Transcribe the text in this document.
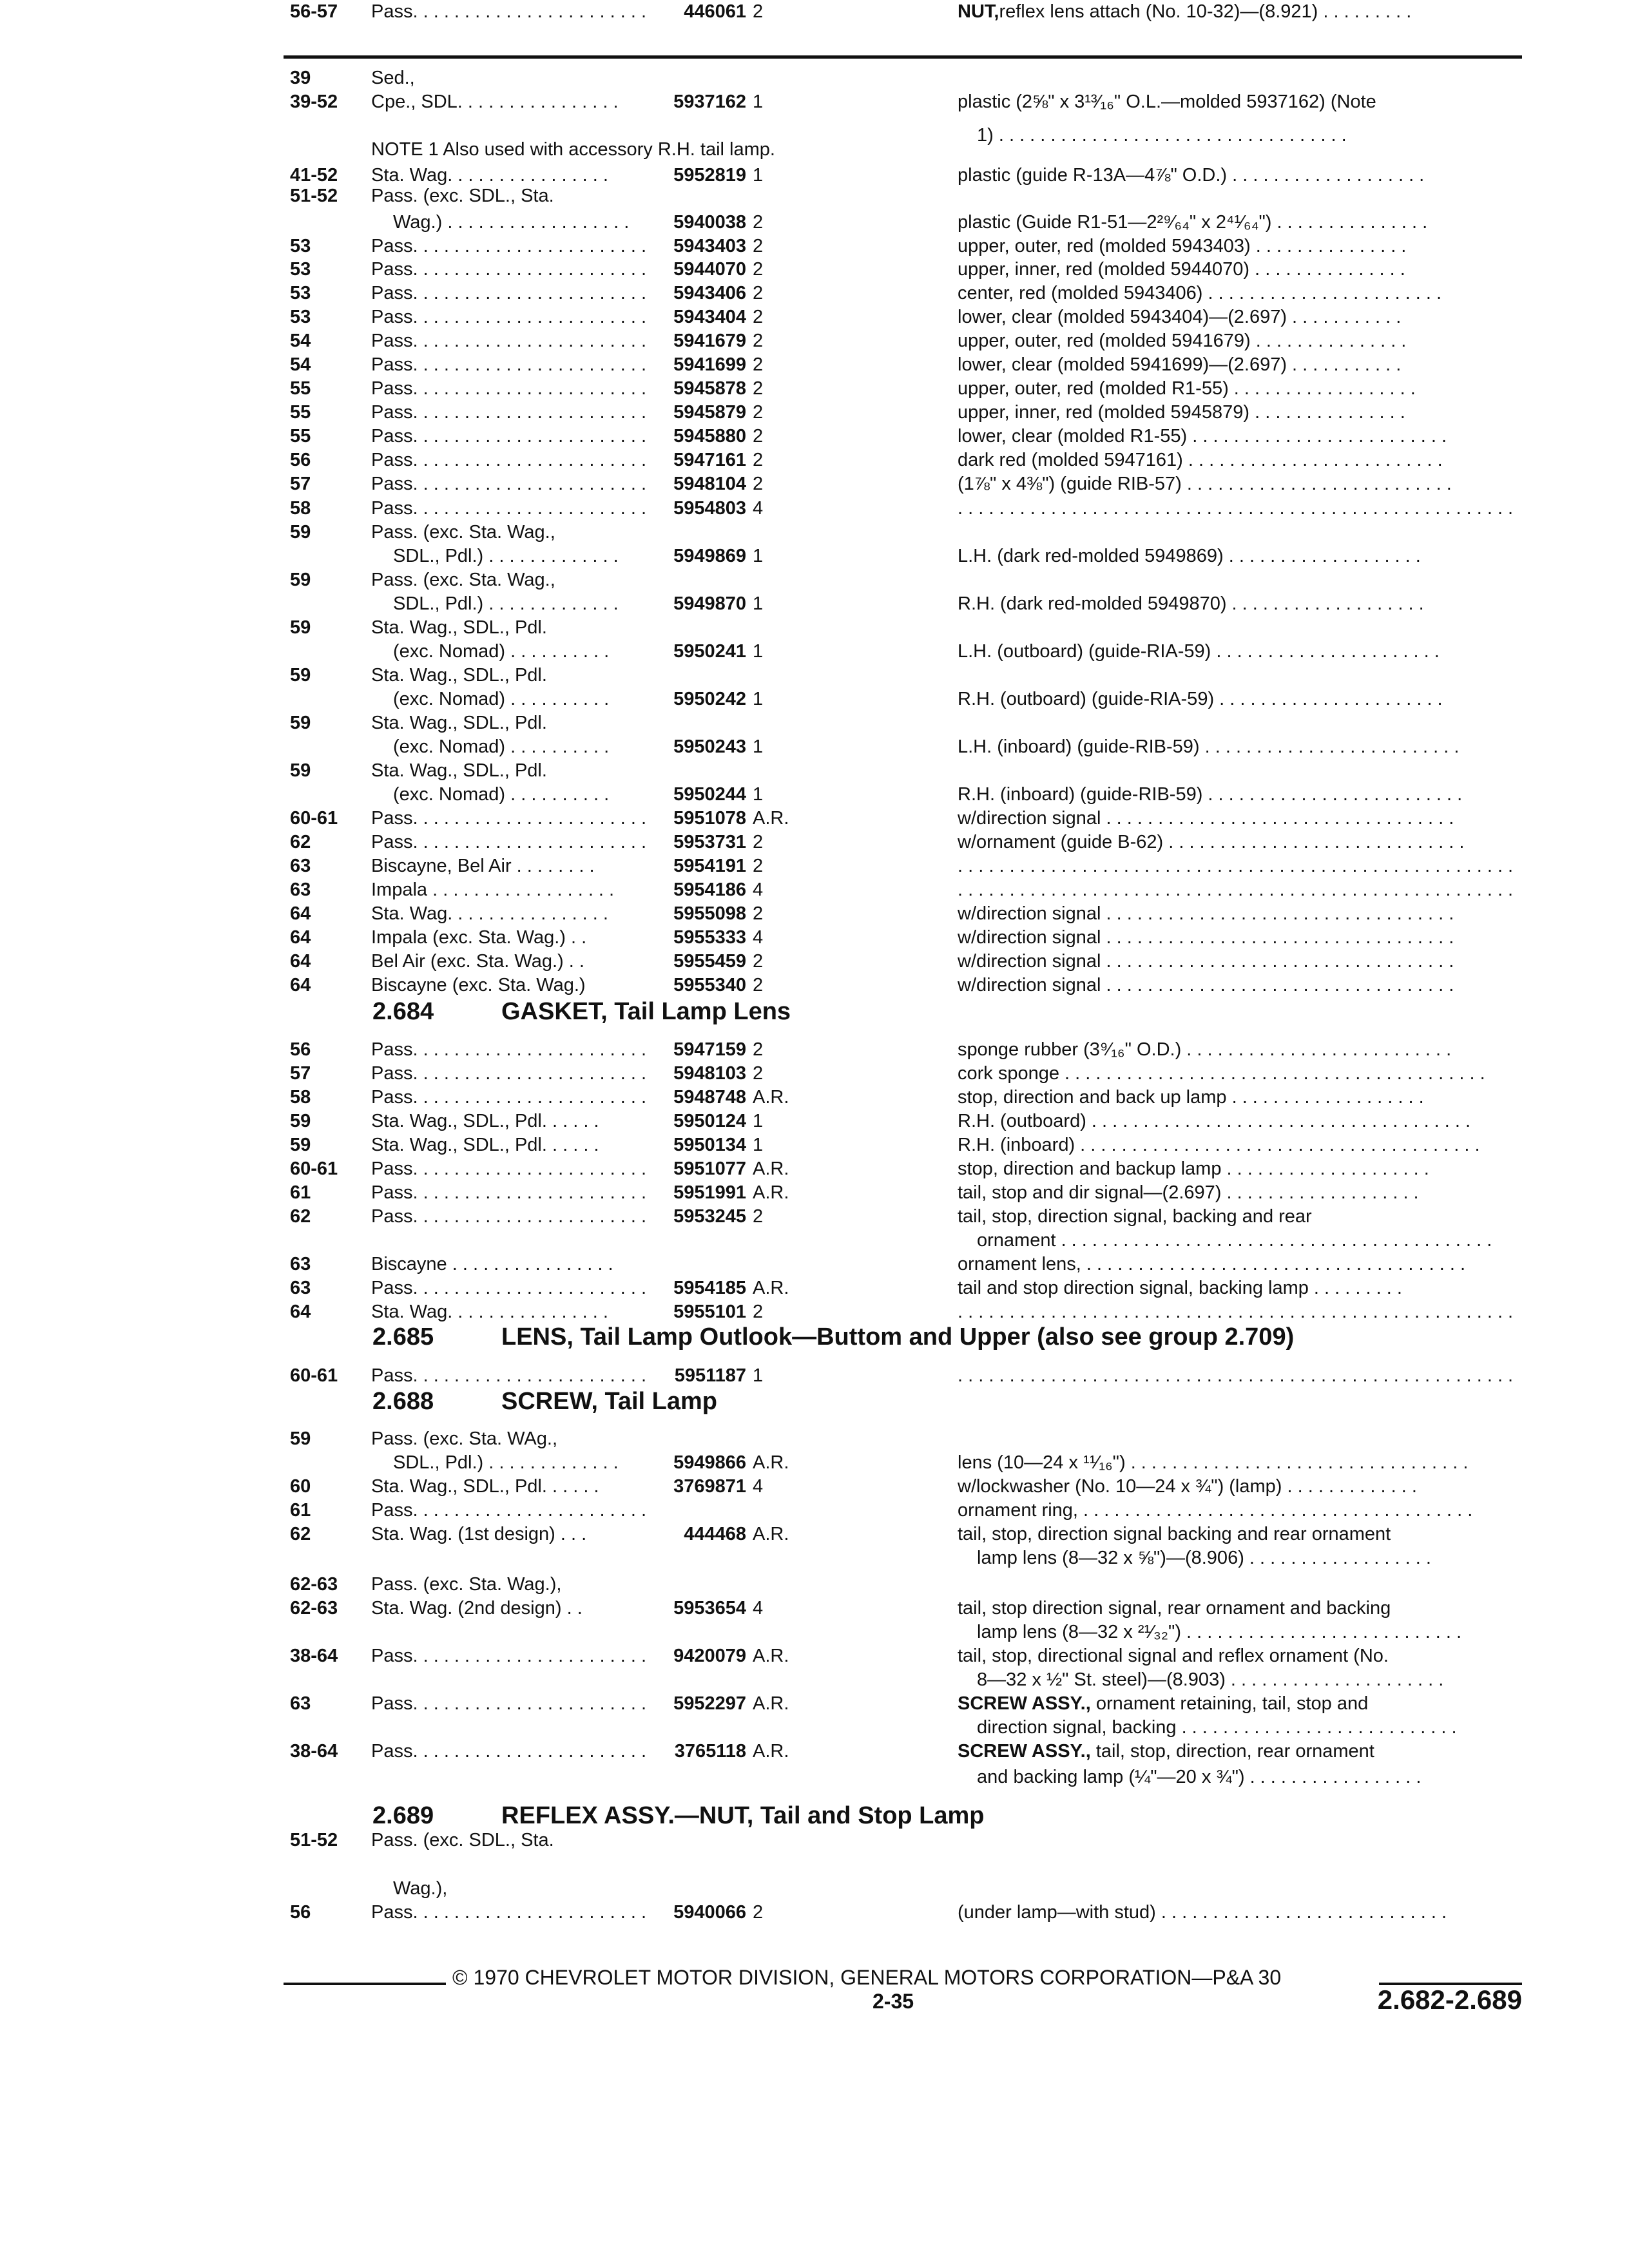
39	Sed.,
39-52	Cpe., SDL. . . . . . . . . . . . . . . .	5937162 1	plastic (2⅝" x 3¹³⁄₁₆" O.L.—molded 5937162) (Note
1) . . . . . . . . . . . . . . . . . . . . . . . . . . . . . . . . . .
NOTE 1 Also used with accessory R.H. tail lamp.
41-52	Sta. Wag. . . . . . . . . . . . . . . .	5952819 1	plastic (guide R-13A—4⅞" O.D.) . . . . . . . . . . . . . . . . . . .
51-52	Pass. (exc. SDL., Sta.
Wag.) . . . . . . . . . . . . . . . . . .	5940038 2	plastic (Guide R1-51—2²⁹⁄₆₄" x 2⁴¹⁄₆₄") . . . . . . . . . . . . . . .
53	Pass. . . . . . . . . . . . . . . . . . . . . . .	5943403 2	upper, outer, red (molded 5943403) . . . . . . . . . . . . . . .
53	Pass. . . . . . . . . . . . . . . . . . . . . . .	5944070 2	upper, inner, red (molded 5944070) . . . . . . . . . . . . . . .
53	Pass. . . . . . . . . . . . . . . . . . . . . . .	5943406 2	center, red (molded 5943406) . . . . . . . . . . . . . . . . . . . . . . .
53	Pass. . . . . . . . . . . . . . . . . . . . . . .	5943404 2	lower, clear (molded 5943404)—(2.697) . . . . . . . . . . .
54	Pass. . . . . . . . . . . . . . . . . . . . . . .	5941679 2	upper, outer, red (molded 5941679) . . . . . . . . . . . . . . .
54	Pass. . . . . . . . . . . . . . . . . . . . . . .	5941699 2	lower, clear (molded 5941699)—(2.697) . . . . . . . . . . .
55	Pass. . . . . . . . . . . . . . . . . . . . . . .	5945878 2	upper, outer, red (molded R1-55) . . . . . . . . . . . . . . . . . .
55	Pass. . . . . . . . . . . . . . . . . . . . . . .	5945879 2	upper, inner, red (molded 5945879) . . . . . . . . . . . . . . .
55	Pass. . . . . . . . . . . . . . . . . . . . . . .	5945880 2	lower, clear (molded R1-55) . . . . . . . . . . . . . . . . . . . . . . . . .
56	Pass. . . . . . . . . . . . . . . . . . . . . . .	5947161 2	dark red (molded 5947161) . . . . . . . . . . . . . . . . . . . . . . . . .
57	Pass. . . . . . . . . . . . . . . . . . . . . . .	5948104 2	(1⅞" x 4⅜") (guide RIB-57) . . . . . . . . . . . . . . . . . . . . . . . . . .
58	Pass. . . . . . . . . . . . . . . . . . . . . . .	5954803 4	. . . . . . . . . . . . . . . . . . . . . . . . . . . . . . . . . . . . . . . . . . . . . . . . . . . . . .
59	Pass. (exc. Sta. Wag.,
SDL., Pdl.) . . . . . . . . . . . . .	5949869 1	L.H. (dark red-molded 5949869) . . . . . . . . . . . . . . . . . . .
59	Pass. (exc. Sta. Wag.,
SDL., Pdl.) . . . . . . . . . . . . .	5949870 1	R.H. (dark red-molded 5949870) . . . . . . . . . . . . . . . . . . .
59	Sta. Wag., SDL., Pdl.
(exc. Nomad) . . . . . . . . . .	5950241 1	L.H. (outboard) (guide-RIA-59) . . . . . . . . . . . . . . . . . . . . . .
59	Sta. Wag., SDL., Pdl.
(exc. Nomad) . . . . . . . . . .	5950242 1	R.H. (outboard) (guide-RIA-59) . . . . . . . . . . . . . . . . . . . . . .
59	Sta. Wag., SDL., Pdl.
(exc. Nomad) . . . . . . . . . .	5950243 1	L.H. (inboard) (guide-RIB-59) . . . . . . . . . . . . . . . . . . . . . . . . .
59	Sta. Wag., SDL., Pdl.
(exc. Nomad) . . . . . . . . . .	5950244 1	R.H. (inboard) (guide-RIB-59) . . . . . . . . . . . . . . . . . . . . . . . . .
60-61	Pass. . . . . . . . . . . . . . . . . . . . . . .	5951078 A.R.	w/direction signal . . . . . . . . . . . . . . . . . . . . . . . . . . . . . . . . . .
62	Pass. . . . . . . . . . . . . . . . . . . . . . .	5953731 2	w/ornament (guide B-62) . . . . . . . . . . . . . . . . . . . . . . . . . . . . .
63	Biscayne, Bel Air . . . . . . . .	5954191 2	. . . . . . . . . . . . . . . . . . . . . . . . . . . . . . . . . . . . . . . . . . . . . . . . . . . . . .
63	Impala . . . . . . . . . . . . . . . . . .	5954186 4	. . . . . . . . . . . . . . . . . . . . . . . . . . . . . . . . . . . . . . . . . . . . . . . . . . . . . .
64	Sta. Wag. . . . . . . . . . . . . . . .	5955098 2	w/direction signal . . . . . . . . . . . . . . . . . . . . . . . . . . . . . . . . . .
64	Impala (exc. Sta. Wag.) . .	5955333 4	w/direction signal . . . . . . . . . . . . . . . . . . . . . . . . . . . . . . . . . .
64	Bel Air (exc. Sta. Wag.) . .	5955459 2	w/direction signal . . . . . . . . . . . . . . . . . . . . . . . . . . . . . . . . . .
64	Biscayne (exc. Sta. Wag.)	5955340 2	w/direction signal . . . . . . . . . . . . . . . . . . . . . . . . . . . . . . . . . .
2.684	GASKET, Tail Lamp Lens
56	Pass. . . . . . . . . . . . . . . . . . . . . . .	5947159 2	sponge rubber (3⁹⁄₁₆" O.D.) . . . . . . . . . . . . . . . . . . . . . . . . . .
57	Pass. . . . . . . . . . . . . . . . . . . . . . .	5948103 2	cork sponge . . . . . . . . . . . . . . . . . . . . . . . . . . . . . . . . . . . . . . . . .
58	Pass. . . . . . . . . . . . . . . . . . . . . . .	5948748 A.R.	stop, direction and back up lamp . . . . . . . . . . . . . . . . . . .
59	Sta. Wag., SDL., Pdl. . . . . .	5950124 1	R.H. (outboard) . . . . . . . . . . . . . . . . . . . . . . . . . . . . . . . . . . . . .
59	Sta. Wag., SDL., Pdl. . . . . .	5950134 1	R.H. (inboard) . . . . . . . . . . . . . . . . . . . . . . . . . . . . . . . . . . . . . . .
60-61	Pass. . . . . . . . . . . . . . . . . . . . . . .	5951077 A.R.	stop, direction and backup lamp . . . . . . . . . . . . . . . . . . . .
61	Pass. . . . . . . . . . . . . . . . . . . . . . .	5951991 A.R.	tail, stop and dir signal—(2.697) . . . . . . . . . . . . . . . . . . .
62	Pass. . . . . . . . . . . . . . . . . . . . . . .	5953245 2	tail, stop, direction signal, backing and rear
ornament . . . . . . . . . . . . . . . . . . . . . . . . . . . . . . . . . . . . . . . . . .
63	Biscayne . . . . . . . . . . . . . . . .	ornament lens, . . . . . . . . . . . . . . . . . . . . . . . . . . . . . . . . . . . . .
63	Pass. . . . . . . . . . . . . . . . . . . . . . .	5954185 A.R.	tail and stop direction signal, backing lamp . . . . . . . . .
64	Sta. Wag. . . . . . . . . . . . . . . .	5955101 2	. . . . . . . . . . . . . . . . . . . . . . . . . . . . . . . . . . . . . . . . . . . . . . . . . . . . . .
2.685	LENS, Tail Lamp Outlook—Buttom and Upper (also see group 2.709)
60-61	Pass. . . . . . . . . . . . . . . . . . . . . . .	5951187 1	. . . . . . . . . . . . . . . . . . . . . . . . . . . . . . . . . . . . . . . . . . . . . . . . . . . . . .
2.688	SCREW, Tail Lamp
59	Pass. (exc. Sta. WAg.,
SDL., Pdl.) . . . . . . . . . . . . .	5949866 A.R.	lens (10—24 x ¹¹⁄₁₆") . . . . . . . . . . . . . . . . . . . . . . . . . . . . . . . . .
60	Sta. Wag., SDL., Pdl. . . . . .	3769871 4	w/lockwasher (No. 10—24 x ¾") (lamp) . . . . . . . . . . . . .
61	Pass. . . . . . . . . . . . . . . . . . . . . . .	ornament ring, . . . . . . . . . . . . . . . . . . . . . . . . . . . . . . . . . . . . . .
62	Sta. Wag. (1st design) . . .	444468 A.R.	tail, stop, direction signal backing and rear ornament
lamp lens (8—32 x ⅝")—(8.906) . . . . . . . . . . . . . . . . . .
62-63	Pass. (exc. Sta. Wag.),
62-63	Sta. Wag. (2nd design) . .	5953654 4	tail, stop direction signal, rear ornament and backing
lamp lens (8—32 x ²¹⁄₃₂") . . . . . . . . . . . . . . . . . . . . . . . . . . .
38-64	Pass. . . . . . . . . . . . . . . . . . . . . . .	9420079 A.R.	tail, stop, directional signal and reflex ornament (No.
8—32 x ½" St. steel)—(8.903) . . . . . . . . . . . . . . . . . . . . .
63	Pass. . . . . . . . . . . . . . . . . . . . . . .	5952297 A.R.	SCREW ASSY., ornament retaining, tail, stop and
direction signal, backing . . . . . . . . . . . . . . . . . . . . . . . . . . .
38-64	Pass. . . . . . . . . . . . . . . . . . . . . . .	3765118 A.R.	SCREW ASSY., tail, stop, direction, rear ornament
and backing lamp (¼"—20 x ¾") . . . . . . . . . . . . . . . . .
2.689	REFLEX ASSY.—NUT, Tail and Stop Lamp
51-52	Pass. (exc. SDL., Sta.
Wag.),
56	Pass. . . . . . . . . . . . . . . . . . . . . . .	5940066 2	(under lamp—with stud) . . . . . . . . . . . . . . . . . . . . . . . . . . . .
56-57	Pass. . . . . . . . . . . . . . . . . . . . . . .	446061 2	NUT,reflex lens attach (No. 10-32)—(8.921) . . . . . . . . .
© 1970 CHEVROLET MOTOR DIVISION, GENERAL MOTORS CORPORATION—P&A 30
2-35	2.682-2.689
